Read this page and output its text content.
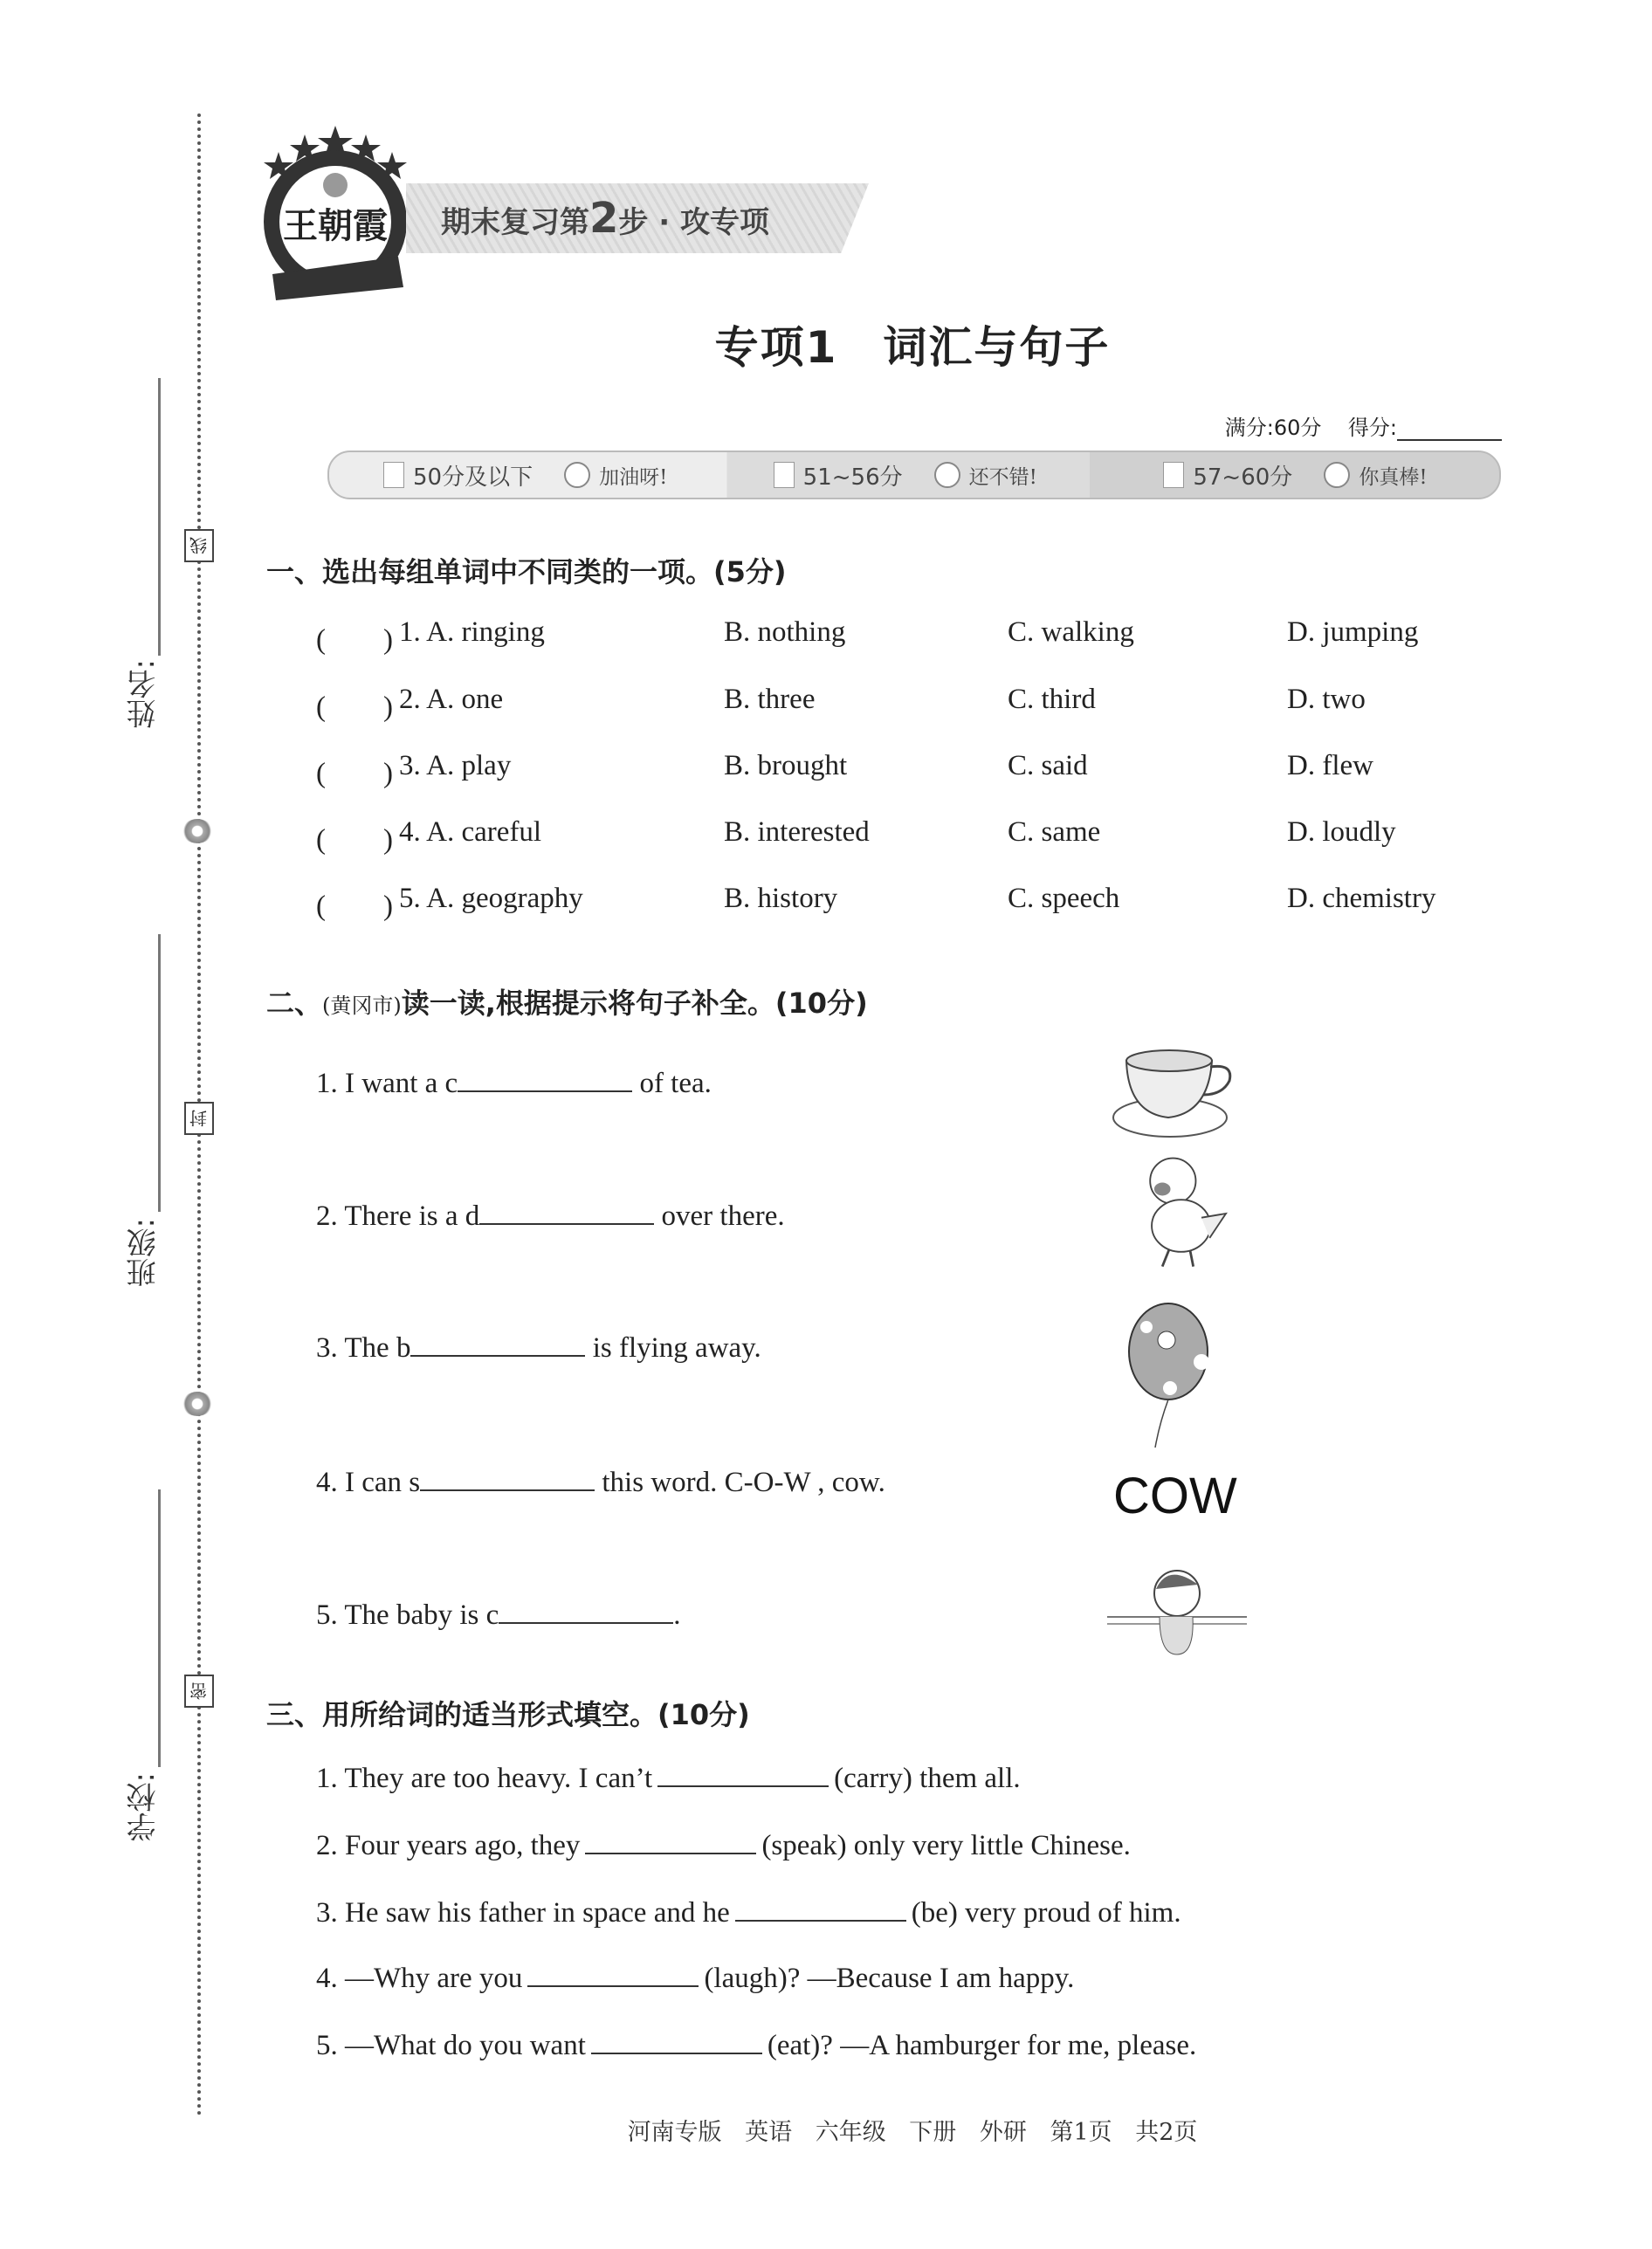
姓名:
班级:
学校:
线
封
密
王朝霞 期末复习第2步 · 攻专项
专项1　词汇与句子
满分:60分 得分:
50分及以下	加油呀!	51~56分	还不错!	57~60分	你真棒!
一、选出每组单词中不同类的一项。(5分)
(　　) 1. A. ringing	B. nothing	C. walking	D. jumping
(　　) 2. A. one	B. three	C. third	D. two
(　　) 3. A. play	B. brought	C. said	D. flew
(　　) 4. A. careful	B. interested	C. same	D. loudly
(　　) 5. A. geography	B. history	C. speech	D. chemistry
二、(黄冈市)读一读,根据提示将句子补全。(10分)
1. I want a c	of tea.
2. There is a d	over there.
3. The b	is flying away.
4. I can s	this word. C-O-W , cow.
5. The baby is c	.
COW
三、用所给词的适当形式填空。(10分)
1. They are too heavy. I can’t	(carry) them all.
2. Four years ago, they	(speak) only very little Chinese.
3. He saw his father in space and he	(be) very proud of him.
4. —Why are you	(laugh)? —Because I am happy.
5. —What do you want	(eat)? —A hamburger for me, please.
河南专版 英语 六年级 下册 外研 第1页 共2页
